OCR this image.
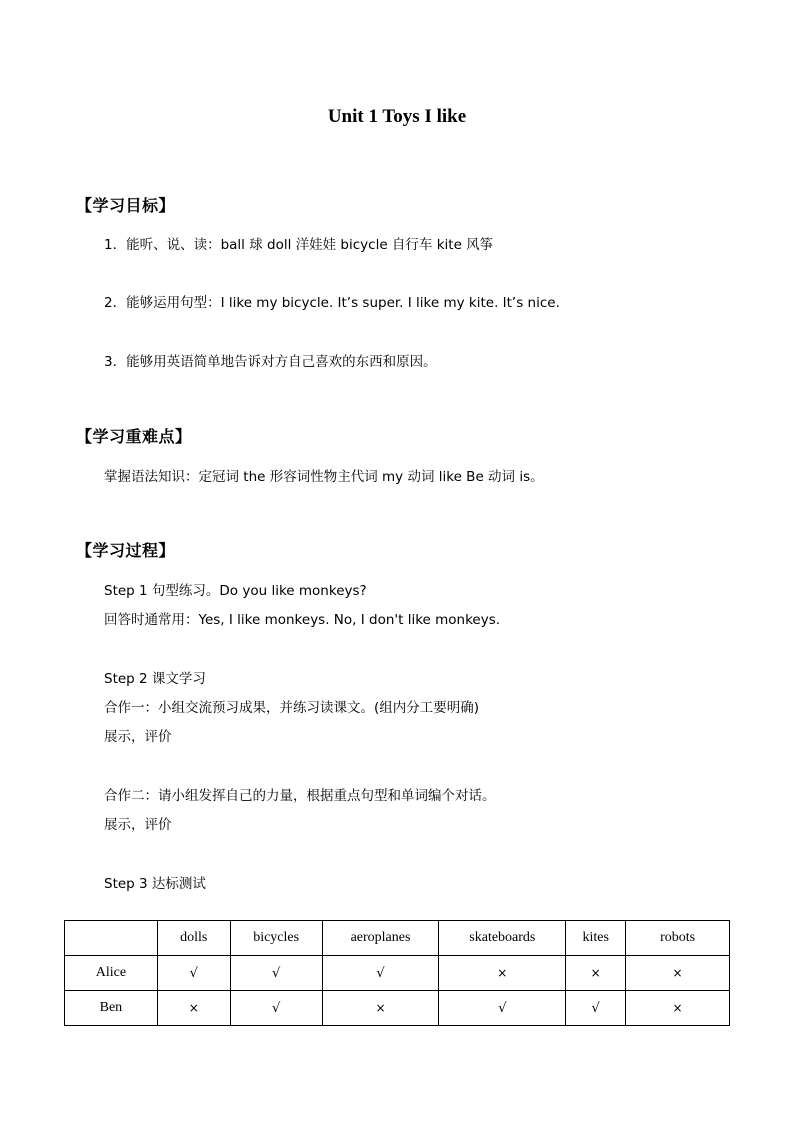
Unit 1 Toys I like
【学习目标】
1．能听、说、读：ball 球 doll 洋娃娃 bicycle 自行车 kite 风筝
2．能够运用句型：I like my bicycle. It’s super. I like my kite. It’s nice.
3．能够用英语简单地告诉对方自己喜欢的东西和原因。
【学习重难点】
掌握语法知识：定冠词 the 形容词性物主代词 my 动词 like Be 动词 is。
【学习过程】
Step 1 句型练习。Do you like monkeys?
回答时通常用：Yes, I like monkeys. No, I don't like monkeys.
Step 2 课文学习
合作一：小组交流预习成果，并练习读课文。(组内分工要明确)
展示，评价
合作二：请小组发挥自己的力量，根据重点句型和单词编个对话。
展示，评价
Step 3 达标测试
	dolls	bicycles	aeroplanes	skateboards	kites	robots
Alice	√	√	√	×	×	×
Ben	×	√	×	√	√	×
